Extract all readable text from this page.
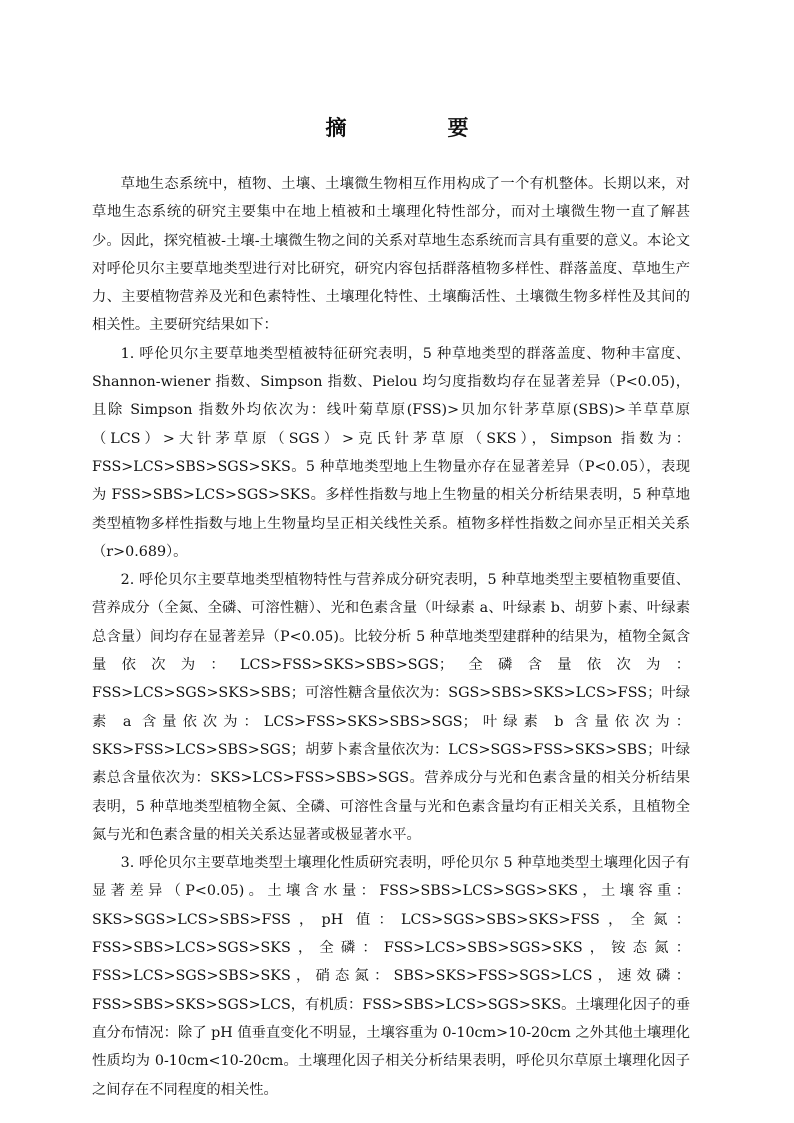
摘　要

草地生态系统中，植物、土壤、土壤微生物相互作用构成了一个有机整体。长期以来，对草地生态系统的研究主要集中在地上植被和土壤理化特性部分，而对土壤微生物一直了解甚少。因此，探究植被-土壤-土壤微生物之间的关系对草地生态系统而言具有重要的意义。本论文对呼伦贝尔主要草地类型进行对比研究，研究内容包括群落植物多样性、群落盖度、草地生产力、主要植物营养及光和色素特性、土壤理化特性、土壤酶活性、土壤微生物多样性及其间的相关性。主要研究结果如下：

1. 呼伦贝尔主要草地类型植被特征研究表明，5 种草地类型的群落盖度、物种丰富度、Shannon-wiener 指数、Simpson 指数、Pielou 均匀度指数均存在显著差异（P<0.05)，且除 Simpson 指数外均依次为：线叶菊草原(FSS)>贝加尔针茅草原(SBS)>羊草草原（LCS）>大针茅草原（SGS）>克氏针茅草原（SKS），Simpson 指数为：FSS>LCS>SBS>SGS>SKS。5 种草地类型地上生物量亦存在显著差异（P<0.05），表现为 FSS>SBS>LCS>SGS>SKS。多样性指数与地上生物量的相关分析结果表明，5 种草地类型植物多样性指数与地上生物量均呈正相关线性关系。植物多样性指数之间亦呈正相关关系（r>0.689）。

2. 呼伦贝尔主要草地类型植物特性与营养成分研究表明，5 种草地类型主要植物重要值、营养成分（全氮、全磷、可溶性糖）、光和色素含量（叶绿素 a、叶绿素 b、胡萝卜素、叶绿素总含量）间均存在显著差异（P<0.05)。比较分析 5 种草地类型建群种的结果为，植物全氮含量依次为：LCS>FSS>SKS>SBS>SGS；全磷含量依次为：FSS>LCS>SGS>SKS>SBS；可溶性糖含量依次为：SGS>SBS>SKS>LCS>FSS；叶绿素 a 含量依次为：LCS>FSS>SKS>SBS>SGS；叶绿素 b 含量依次为：SKS>FSS>LCS>SBS>SGS；胡萝卜素含量依次为：LCS>SGS>FSS>SKS>SBS；叶绿素总含量依次为：SKS>LCS>FSS>SBS>SGS。营养成分与光和色素含量的相关分析结果表明，5 种草地类型植物全氮、全磷、可溶性含量与光和色素含量均有正相关关系，且植物全氮与光和色素含量的相关关系达显著或极显著水平。

3. 呼伦贝尔主要草地类型土壤理化性质研究表明，呼伦贝尔 5 种草地类型土壤理化因子有显著差异（P<0.05)。土壤含水量：FSS>SBS>LCS>SGS>SKS，土壤容重：SKS>SGS>LCS>SBS>FSS，pH 值：LCS>SGS>SBS>SKS>FSS，全氮：FSS>SBS>LCS>SGS>SKS，全磷：FSS>LCS>SBS>SGS>SKS，铵态氮：FSS>LCS>SGS>SBS>SKS，硝态氮：SBS>SKS>FSS>SGS>LCS，速效磷：FSS>SBS>SKS>SGS>LCS，有机质：FSS>SBS>LCS>SGS>SKS。土壤理化因子的垂直分布情况：除了 pH 值垂直变化不明显，土壤容重为 0-10cm>10-20cm 之外其他土壤理化性质均为 0-10cm<10-20cm。土壤理化因子相关分析结果表明，呼伦贝尔草原土壤理化因子之间存在不同程度的相关性。
